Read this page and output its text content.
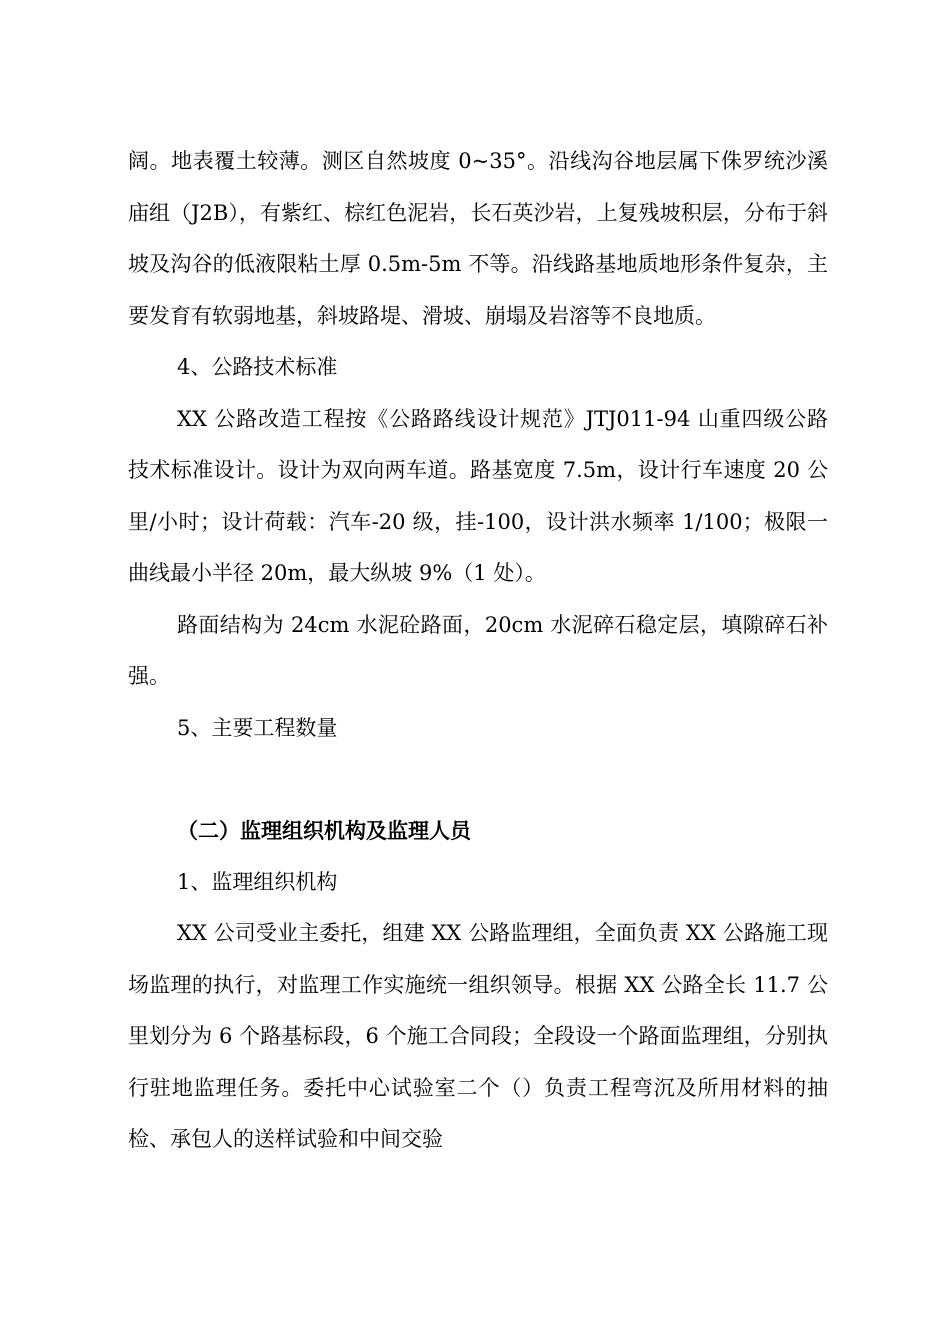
阔。地表覆土较薄。测区自然坡度 0~35°。沿线沟谷地层属下侏罗统沙溪庙组（J2B），有紫红、棕红色泥岩，长石英沙岩，上复残坡积层，分布于斜坡及沟谷的低液限粘土厚 0.5m-5m 不等。沿线路基地质地形条件复杂，主要发育有软弱地基，斜坡路堤、滑坡、崩塌及岩溶等不良地质。

4、公路技术标准

XX 公路改造工程按《公路路线设计规范》JTJ011-94 山重四级公路技术标准设计。设计为双向两车道。路基宽度 7.5m，设计行车速度 20 公里/小时；设计荷载：汽车-20 级，挂-100，设计洪水频率 1/100；极限一曲线最小半径 20m，最大纵坡 9%（1 处）。

路面结构为 24cm 水泥砼路面，20cm 水泥碎石稳定层，填隙碎石补强。

5、主要工程数量

（二）监理组织机构及监理人员

1、监理组织机构

XX 公司受业主委托，组建 XX 公路监理组，全面负责 XX 公路施工现场监理的执行，对监理工作实施统一组织领导。根据 XX 公路全长 11.7 公里划分为 6 个路基标段，6 个施工合同段；全段设一个路面监理组，分别执行驻地监理任务。委托中心试验室二个（）负责工程弯沉及所用材料的抽检、承包人的送样试验和中间交验
